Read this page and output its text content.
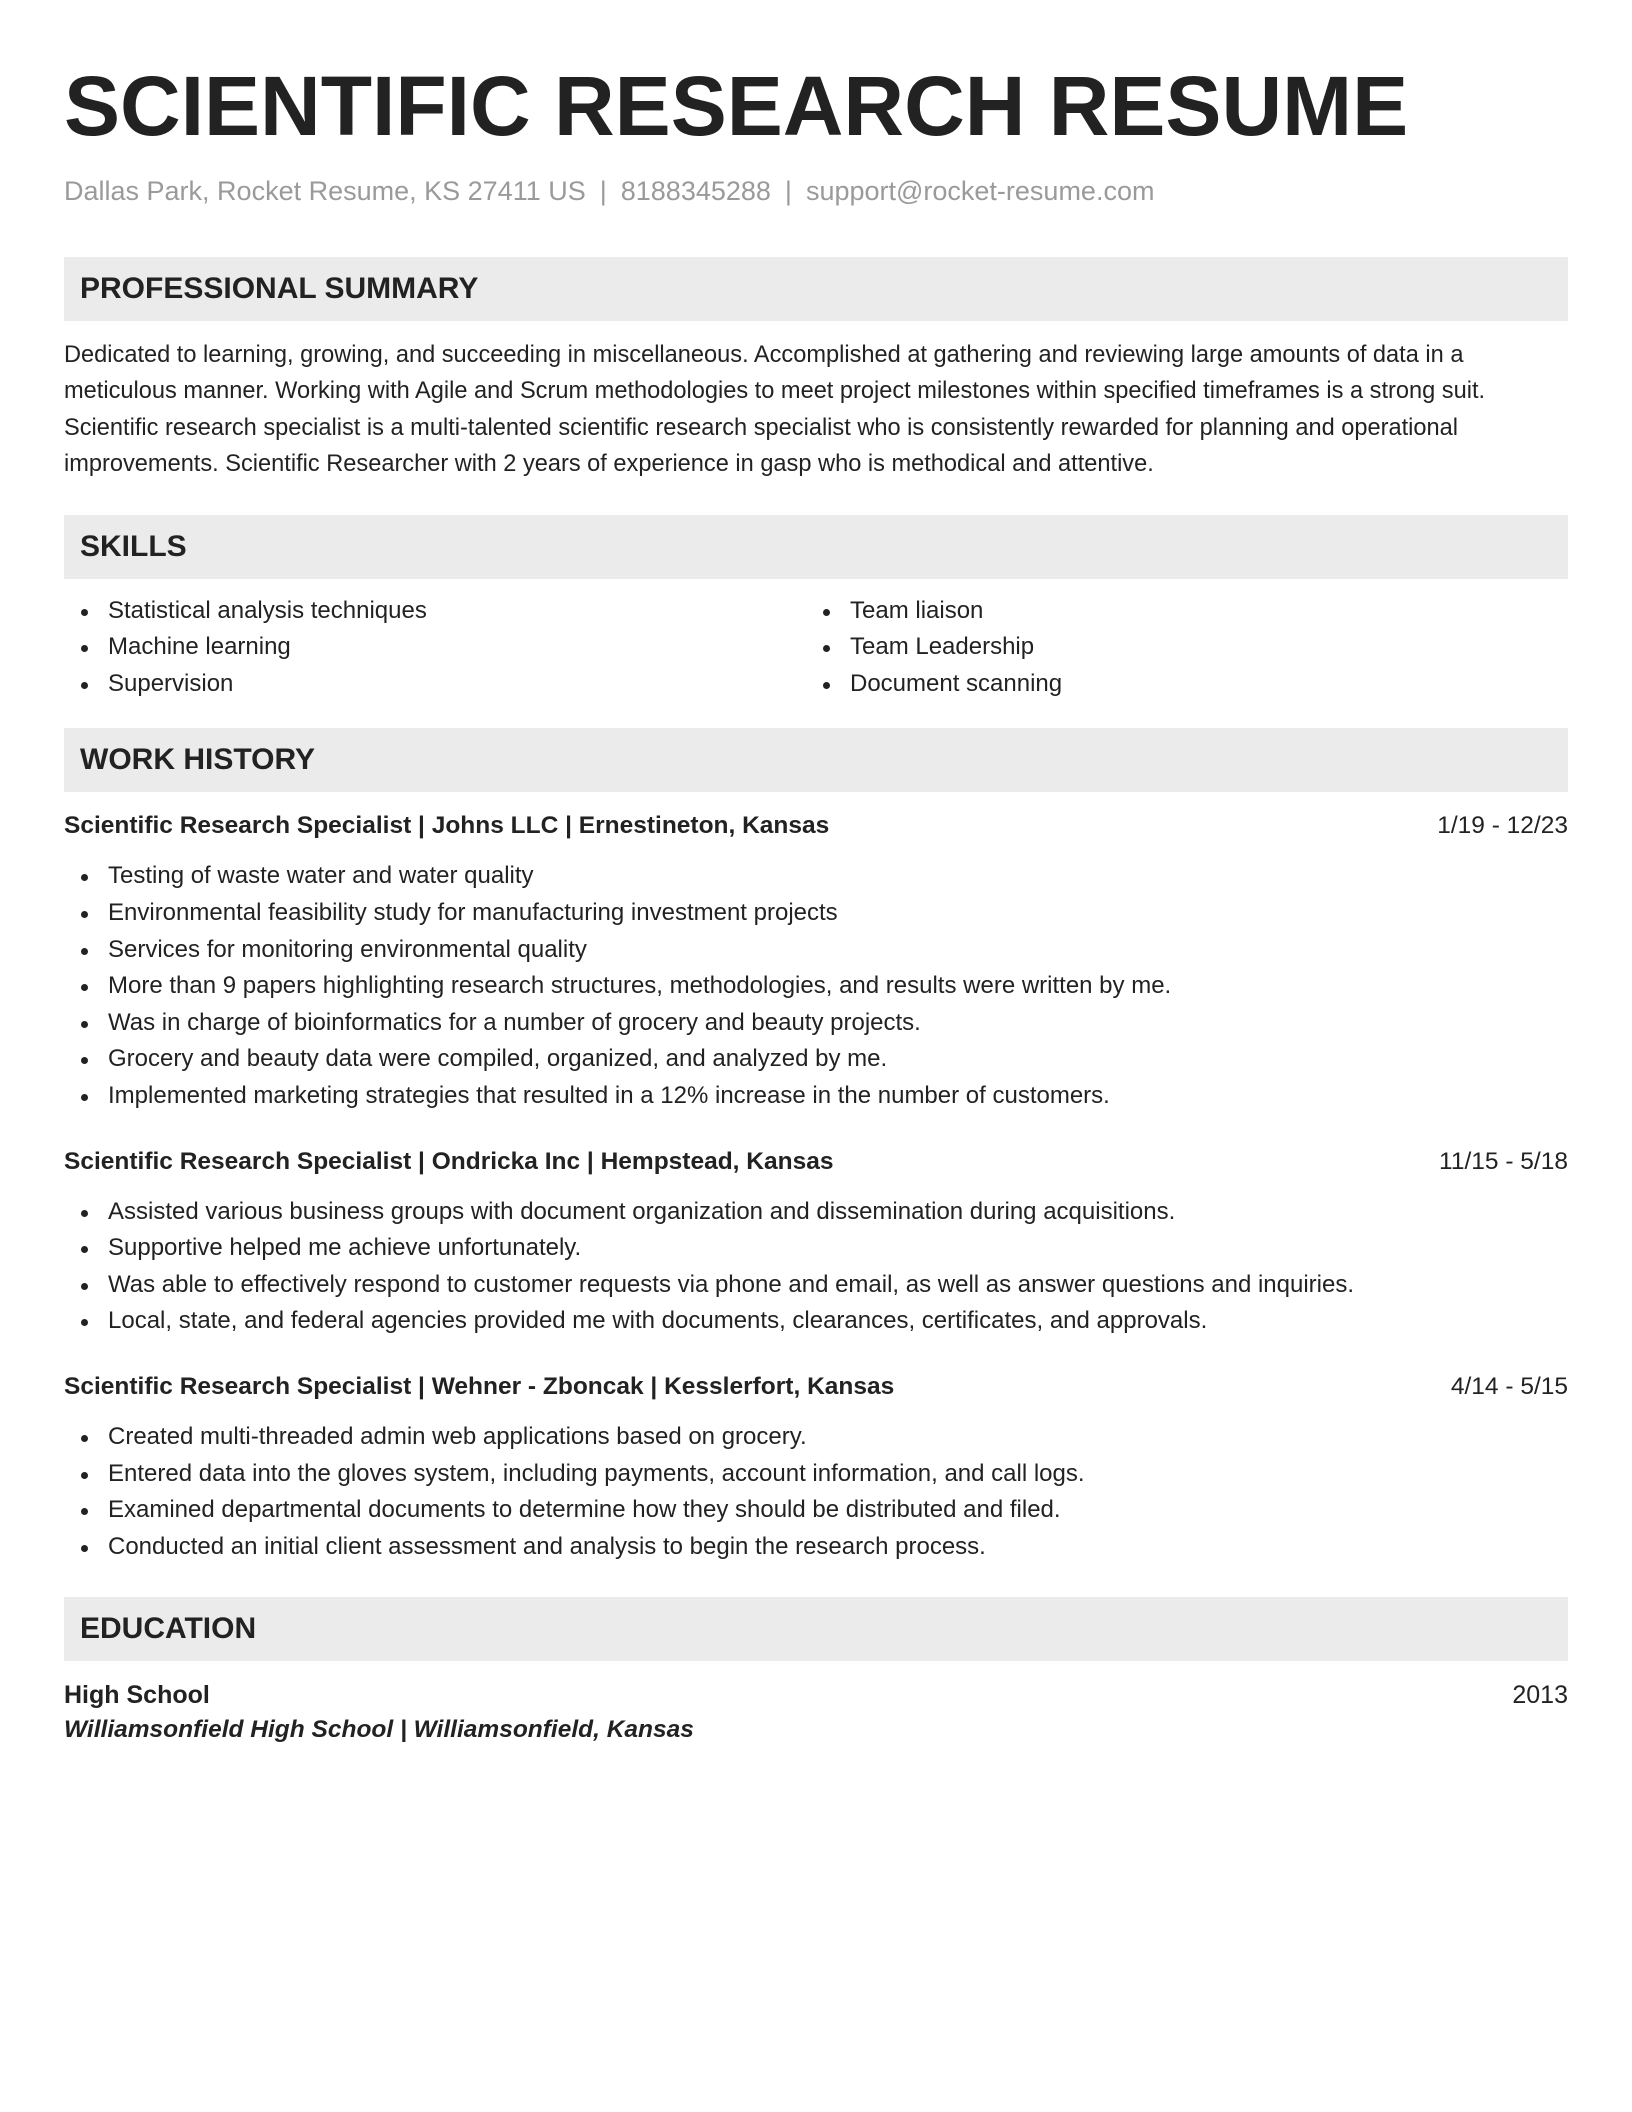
SCIENTIFIC RESEARCH RESUME
Dallas Park, Rocket Resume, KS 27411 US | 8188345288 | support@rocket-resume.com
PROFESSIONAL SUMMARY

Dedicated to learning, growing, and succeeding in miscellaneous. Accomplished at gathering and reviewing large amounts of data in a meticulous manner. Working with Agile and Scrum methodologies to meet project milestones within specified timeframes is a strong suit. Scientific research specialist is a multi-talented scientific research specialist who is consistently rewarded for planning and operational improvements. Scientific Researcher with 2 years of experience in gasp who is methodical and attentive.

SKILLS
Statistical analysis techniques
Machine learning
Supervision
Team liaison
Team Leadership
Document scanning
WORK HISTORY
Scientific Research Specialist | Johns LLC | Ernestineton, Kansas	1/19 - 12/23
Testing of waste water and water quality
Environmental feasibility study for manufacturing investment projects
Services for monitoring environmental quality
More than 9 papers highlighting research structures, methodologies, and results were written by me.
Was in charge of bioinformatics for a number of grocery and beauty projects.
Grocery and beauty data were compiled, organized, and analyzed by me.
Implemented marketing strategies that resulted in a 12% increase in the number of customers.
Scientific Research Specialist | Ondricka Inc | Hempstead, Kansas	11/15 - 5/18
Assisted various business groups with document organization and dissemination during acquisitions.
Supportive helped me achieve unfortunately.
Was able to effectively respond to customer requests via phone and email, as well as answer questions and inquiries.
Local, state, and federal agencies provided me with documents, clearances, certificates, and approvals.
Scientific Research Specialist | Wehner - Zboncak | Kesslerfort, Kansas	4/14 - 5/15
Created multi-threaded admin web applications based on grocery.
Entered data into the gloves system, including payments, account information, and call logs.
Examined departmental documents to determine how they should be distributed and filed.
Conducted an initial client assessment and analysis to begin the research process.
EDUCATION
High School	2013
Williamsonfield High School | Williamsonfield, Kansas
